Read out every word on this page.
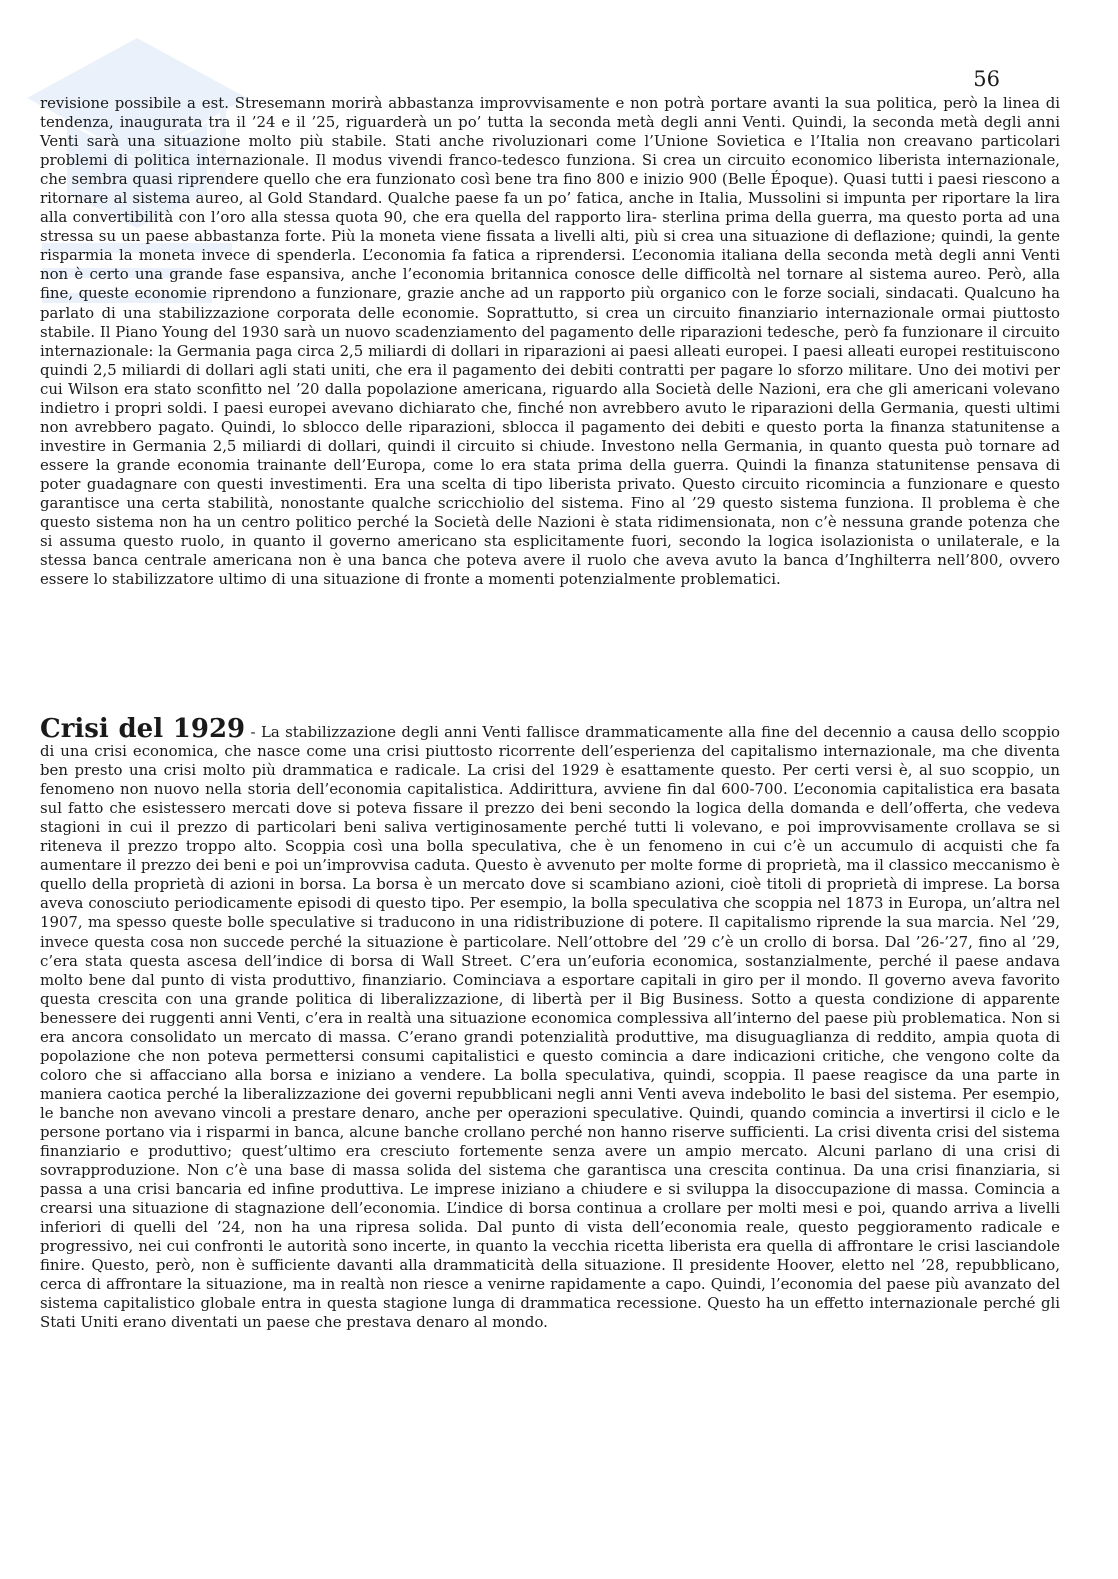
56

revisione possibile a est. Stresemann morirà abbastanza improvvisamente e non potrà portare avanti la sua politica, però la linea di tendenza, inaugurata tra il ’24 e il ’25, riguarderà un po’ tutta la seconda metà degli anni Venti. Quindi, la seconda metà degli anni Venti sarà una situazione molto più stabile. Stati anche rivoluzionari come l’Unione Sovietica e l’Italia non creavano particolari problemi di politica internazionale. Il modus vivendi franco-tedesco funziona. Si crea un circuito economico liberista internazionale, che sembra quasi riprendere quello che era funzionato così bene tra fino 800 e inizio 900 (Belle Époque). Quasi tutti i paesi riescono a ritornare al sistema aureo, al Gold Standard. Qualche paese fa un po’ fatica, anche in Italia, Mussolini si impunta per riportare la lira alla convertibilità con l’oro alla stessa quota 90, che era quella del rapporto lira- sterlina prima della guerra, ma questo porta ad una stressa su un paese abbastanza forte. Più la moneta viene fissata a livelli alti, più si crea una situazione di deflazione; quindi, la gente risparmia la moneta invece di spenderla. L’economia fa fatica a riprendersi. L’economia italiana della seconda metà degli anni Venti non è certo una grande fase espansiva, anche l’economia britannica conosce delle difficoltà nel tornare al sistema aureo. Però, alla fine, queste economie riprendono a funzionare, grazie anche ad un rapporto più organico con le forze sociali, sindacati. Qualcuno ha parlato di una stabilizzazione corporata delle economie. Soprattutto, si crea un circuito finanziario internazionale ormai piuttosto stabile. Il Piano Young del 1930 sarà un nuovo scadenziamento del pagamento delle riparazioni tedesche, però fa funzionare il circuito internazionale: la Germania paga circa 2,5 miliardi di dollari in riparazioni ai paesi alleati europei. I paesi alleati europei restituiscono quindi 2,5 miliardi di dollari agli stati uniti, che era il pagamento dei debiti contratti per pagare lo sforzo militare. Uno dei motivi per cui Wilson era stato sconfitto nel ’20 dalla popolazione americana, riguardo alla Società delle Nazioni, era che gli americani volevano indietro i propri soldi. I paesi europei avevano dichiarato che, finché non avrebbero avuto le riparazioni della Germania, questi ultimi non avrebbero pagato. Quindi, lo sblocco delle riparazioni, sblocca il pagamento dei debiti e questo porta la finanza statunitense a investire in Germania 2,5 miliardi di dollari, quindi il circuito si chiude. Investono nella Germania, in quanto questa può tornare ad essere la grande economia trainante dell’Europa, come lo era stata prima della guerra. Quindi la finanza statunitense pensava di poter guadagnare con questi investimenti. Era una scelta di tipo liberista privato. Questo circuito ricomincia a funzionare e questo garantisce una certa stabilità, nonostante qualche scricchiolio del sistema. Fino al ’29 questo sistema funziona. Il problema è che questo sistema non ha un centro politico perché la Società delle Nazioni è stata ridimensionata, non c’è nessuna grande potenza che si assuma questo ruolo, in quanto il governo americano sta esplicitamente fuori, secondo la logica isolazionista o unilaterale, e la stessa banca centrale americana non è una banca che poteva avere il ruolo che aveva avuto la banca d’Inghilterra nell’800, ovvero essere lo stabilizzatore ultimo di una situazione di fronte a momenti potenzialmente problematici.

Crisi del 1929 - La stabilizzazione degli anni Venti fallisce drammaticamente alla fine del decennio a causa dello scoppio di una crisi economica, che nasce come una crisi piuttosto ricorrente dell’esperienza del capitalismo internazionale, ma che diventa ben presto una crisi molto più drammatica e radicale. La crisi del 1929 è esattamente questo. Per certi versi è, al suo scoppio, un fenomeno non nuovo nella storia dell’economia capitalistica. Addirittura, avviene fin dal 600-700. L’economia capitalistica era basata sul fatto che esistessero mercati dove si poteva fissare il prezzo dei beni secondo la logica della domanda e dell’offerta, che vedeva stagioni in cui il prezzo di particolari beni saliva vertiginosamente perché tutti li volevano, e poi improvvisamente crollava se si riteneva il prezzo troppo alto. Scoppia così una bolla speculativa, che è un fenomeno in cui c’è un accumulo di acquisti che fa aumentare il prezzo dei beni e poi un’improvvisa caduta. Questo è avvenuto per molte forme di proprietà, ma il classico meccanismo è quello della proprietà di azioni in borsa. La borsa è un mercato dove si scambiano azioni, cioè titoli di proprietà di imprese. La borsa aveva conosciuto periodicamente episodi di questo tipo. Per esempio, la bolla speculativa che scoppia nel 1873 in Europa, un’altra nel 1907, ma spesso queste bolle speculative si traducono in una ridistribuzione di potere. Il capitalismo riprende la sua marcia. Nel ’29, invece questa cosa non succede perché la situazione è particolare. Nell’ottobre del ’29 c’è un crollo di borsa. Dal ’26-’27, fino al ’29, c’era stata questa ascesa dell’indice di borsa di Wall Street. C’era un’euforia economica, sostanzialmente, perché il paese andava molto bene dal punto di vista produttivo, finanziario. Cominciava a esportare capitali in giro per il mondo. Il governo aveva favorito questa crescita con una grande politica di liberalizzazione, di libertà per il Big Business. Sotto a questa condizione di apparente benessere dei ruggenti anni Venti, c’era in realtà una situazione economica complessiva all’interno del paese più problematica. Non si era ancora consolidato un mercato di massa. C’erano grandi potenzialità produttive, ma disuguaglianza di reddito, ampia quota di popolazione che non poteva permettersi consumi capitalistici e questo comincia a dare indicazioni critiche, che vengono colte da coloro che si affacciano alla borsa e iniziano a vendere. La bolla speculativa, quindi, scoppia. Il paese reagisce da una parte in maniera caotica perché la liberalizzazione dei governi repubblicani negli anni Venti aveva indebolito le basi del sistema. Per esempio, le banche non avevano vincoli a prestare denaro, anche per operazioni speculative. Quindi, quando comincia a invertirsi il ciclo e le persone portano via i risparmi in banca, alcune banche crollano perché non hanno riserve sufficienti. La crisi diventa crisi del sistema finanziario e produttivo; quest’ultimo era cresciuto fortemente senza avere un ampio mercato. Alcuni parlano di una crisi di sovrapproduzione. Non c’è una base di massa solida del sistema che garantisca una crescita continua. Da una crisi finanziaria, si passa a una crisi bancaria ed infine produttiva. Le imprese iniziano a chiudere e si sviluppa la disoccupazione di massa. Comincia a crearsi una situazione di stagnazione dell’economia. L’indice di borsa continua a crollare per molti mesi e poi, quando arriva a livelli inferiori di quelli del ’24, non ha una ripresa solida. Dal punto di vista dell’economia reale, questo peggioramento radicale e progressivo, nei cui confronti le autorità sono incerte, in quanto la vecchia ricetta liberista era quella di affrontare le crisi lasciandole finire. Questo, però, non è sufficiente davanti alla drammaticità della situazione. Il presidente Hoover, eletto nel ’28, repubblicano, cerca di affrontare la situazione, ma in realtà non riesce a venirne rapidamente a capo. Quindi, l’economia del paese più avanzato del sistema capitalistico globale entra in questa stagione lunga di drammatica recessione. Questo ha un effetto internazionale perché gli Stati Uniti erano diventati un paese che prestava denaro al mondo.
